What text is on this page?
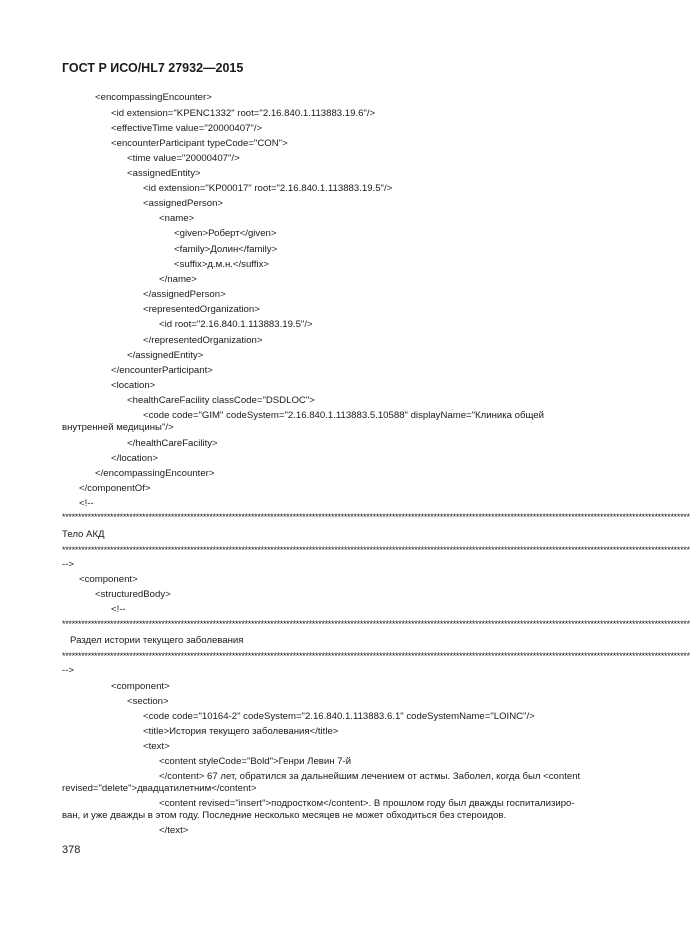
ГОСТ Р ИСО/HL7 27932—2015
<encompassingEncounter>
<id extension="KPENC1332" root="2.16.840.1.113883.19.6"/>
<effectiveTime value="20000407"/>
<encounterParticipant typeCode="CON">
<time value="20000407"/>
<assignedEntity>
<id extension="KP00017" root="2.16.840.1.113883.19.5"/>
<assignedPerson>
<name>
<given>Роберт</given>
<family>Долин</family>
<suffix>д.м.н.</suffix>
</name>
</assignedPerson>
<representedOrganization>
<id root="2.16.840.1.113883.19.5"/>
</representedOrganization>
</assignedEntity>
</encounterParticipant>
<location>
<healthCareFacility classCode="DSDLOC">
<code code="GIM" codeSystem="2.16.840.1.113883.5.10588" displayName="Клиника общей
внутренней медицины"/>
</healthCareFacility>
</location>
</encompassingEncounter>
</componentOf>
<!--
****************************************************************************************************************************************************************************************************
Тело АКД
****************************************************************************************************************************************************************************************************
-->
<component>
<structuredBody>
<!--
****************************************************************************************************************************************************************************************************
Раздел истории текущего заболевания
****************************************************************************************************************************************************************************************************
-->
<component>
<section>
<code code="10164-2" codeSystem="2.16.840.1.113883.6.1" codeSystemName="LOINC"/>
<title>История текущего заболевания</title>
<text>
<content styleCode="Bold">Генри Левин 7-й
</content> 67 лет, обратился за дальнейшим лечением от астмы. Заболел, когда был <content
revised="delete">двадцатилетним</content>
<content revised="insert">подростком</content>. В прошлом году был дважды госпитализиро-
ван, и уже дважды в этом году. Последние несколько месяцев не может обходиться без стероидов.
</text>
378
